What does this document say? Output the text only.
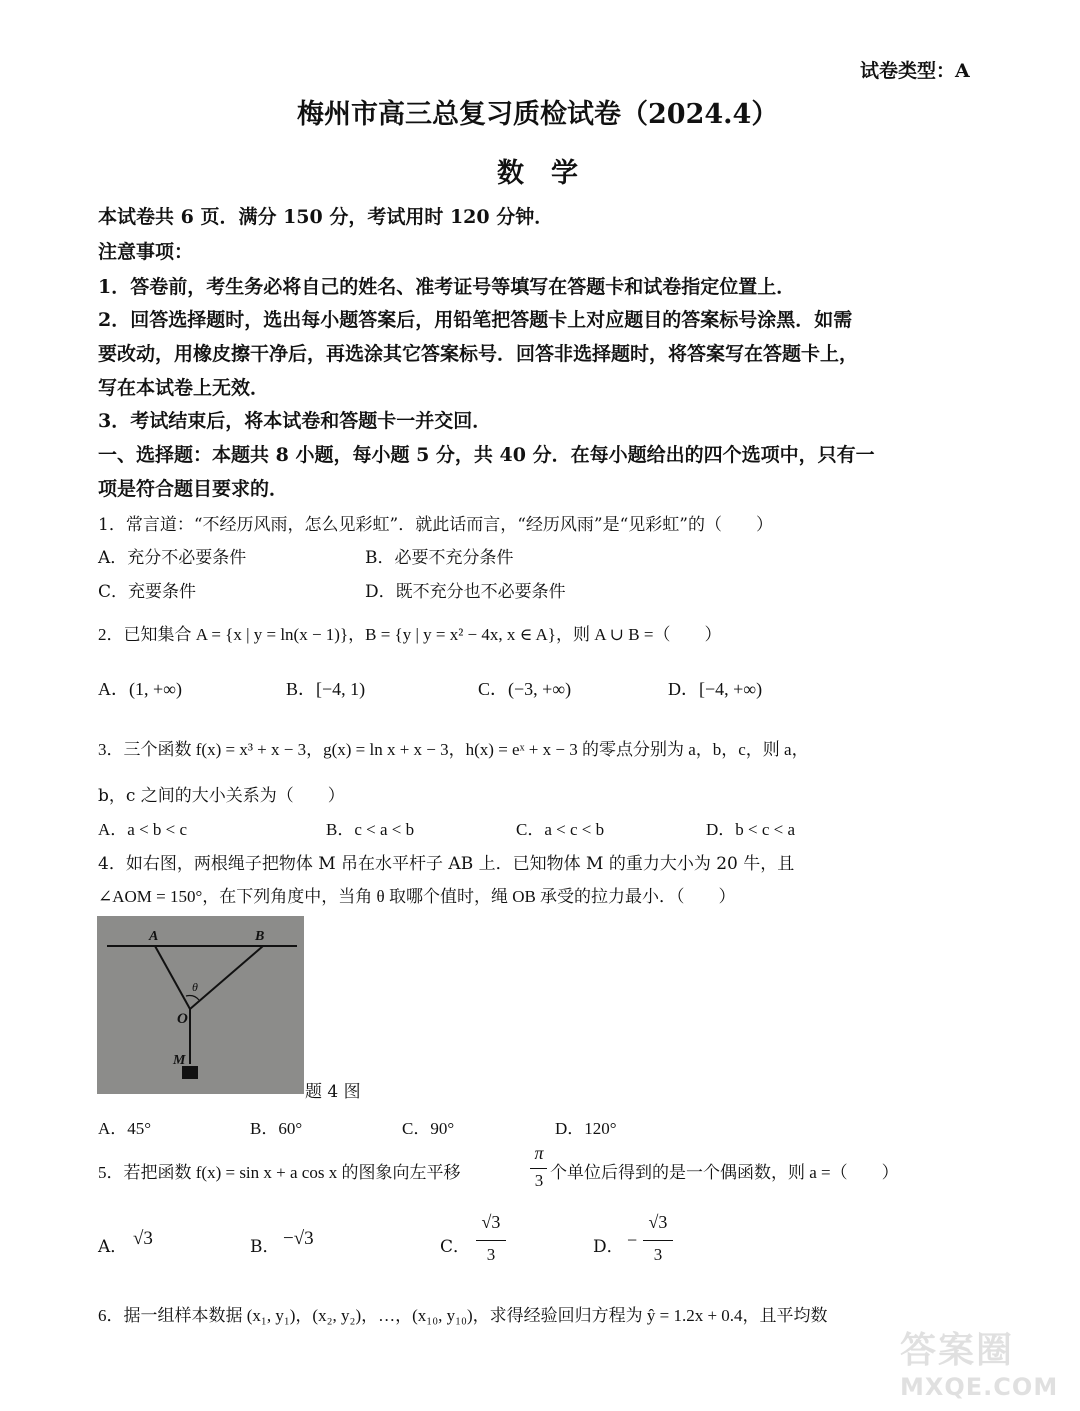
试卷类型：A
梅州市高三总复习质检试卷（2024.4）
数　学
本试卷共 6 页．满分 150 分，考试用时 120 分钟．
注意事项：
1．答卷前，考生务必将自己的姓名、准考证号等填写在答题卡和试卷指定位置上．
2．回答选择题时，选出每小题答案后，用铅笔把答题卡上对应题目的答案标号涂黑．如需
要改动，用橡皮擦干净后，再选涂其它答案标号．回答非选择题时，将答案写在答题卡上，
写在本试卷上无效．
3．考试结束后，将本试卷和答题卡一并交回．
一、选择题：本题共 8 小题，每小题 5 分，共 40 分．在每小题给出的四个选项中，只有一
项是符合题目要求的．
1．常言道：“不经历风雨，怎么见彩虹”．就此话而言，“经历风雨”是“见彩虹”的（　　）
A．充分不必要条件	B．必要不充分条件
C．充要条件	D．既不充分也不必要条件
2．已知集合 A = {x | y = ln(x − 1)}，B = {y | y = x² − 4x, x ∈ A}，则 A ∪ B =（　　）
A．(1, +∞)	B．[−4, 1)	C．(−3, +∞)	D．[−4, +∞)
3．三个函数 f(x) = x³ + x − 3，g(x) = ln x + x − 3，h(x) = eˣ + x − 3 的零点分别为 a，b，c，则 a，
b，c 之间的大小关系为（　　）
A．a < b < c	B．c < a < b	C．a < c < b	D．b < c < a
4．如右图，两根绳子把物体 M 吊在水平杆子 AB 上．已知物体 M 的重力大小为 20 牛，且
∠AOM = 150°，在下列角度中，当角 θ 取哪个值时，绳 OB 承受的拉力最小．（　　）
A	B
O
M
θ
题 4 图
A．45°	B．60°	C．90°	D．120°
5．若把函数 f(x) = sin x + a cos x 的图象向左平移
π
3 个单位后得到的是一个偶函数，则 a =（　　）
A． √3	B． −√3	C．
√3
3	D． −
√3
3
6．据一组样本数据 (x₁, y₁)，(x₂, y₂)，…，(x₁₀, y₁₀)，求得经验回归方程为 ŷ = 1.2x + 0.4，且平均数
答案圈
MXQE.COM
